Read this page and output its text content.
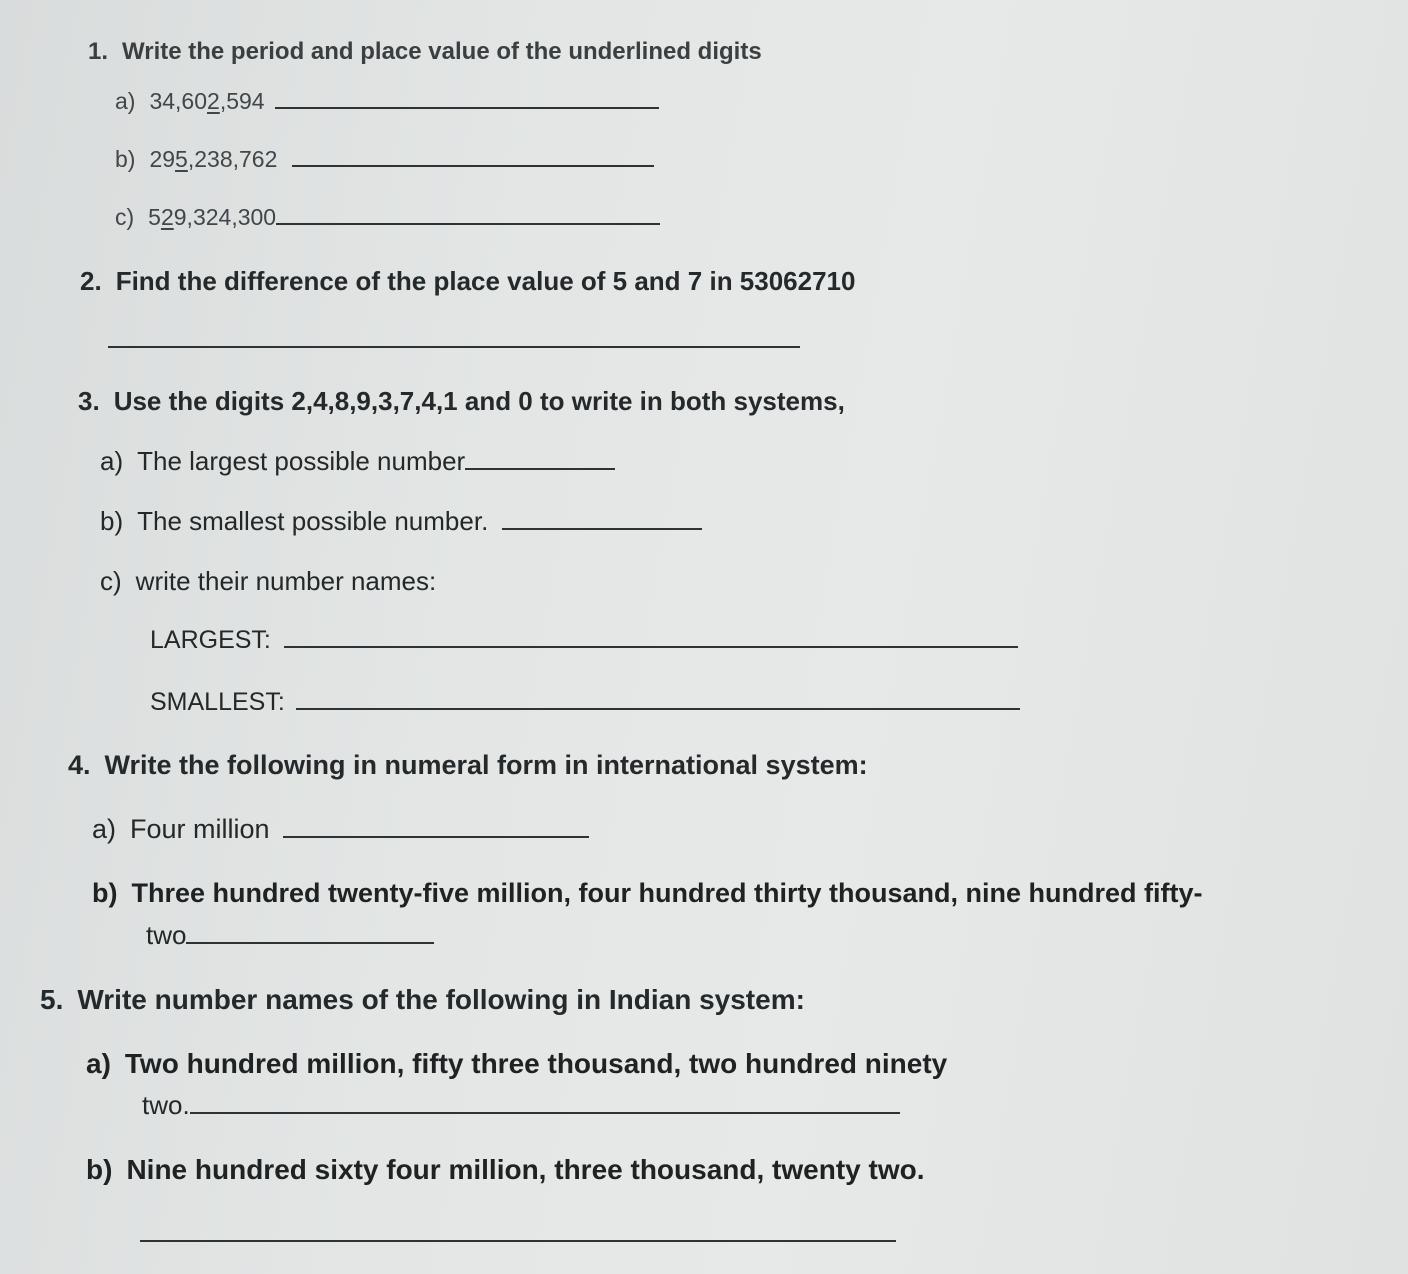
1. Write the period and place value of the underlined digits
a) 34,602,594
b) 295,238,762
c) 529,324,300
2. Find the difference of the place value of 5 and 7 in 53062710
3. Use the digits 2,4,8,9,3,7,4,1 and 0 to write in both systems,
a) The largest possible number
b) The smallest possible number.
c) write their number names:
LARGEST:
SMALLEST:
4. Write the following in numeral form in international system:
a) Four million
b) Three hundred twenty-five million, four hundred thirty thousand, nine hundred fifty-
two
5. Write number names of the following in Indian system:
a) Two hundred million, fifty three thousand, two hundred ninety
two.
b) Nine hundred sixty four million, three thousand, twenty two.
